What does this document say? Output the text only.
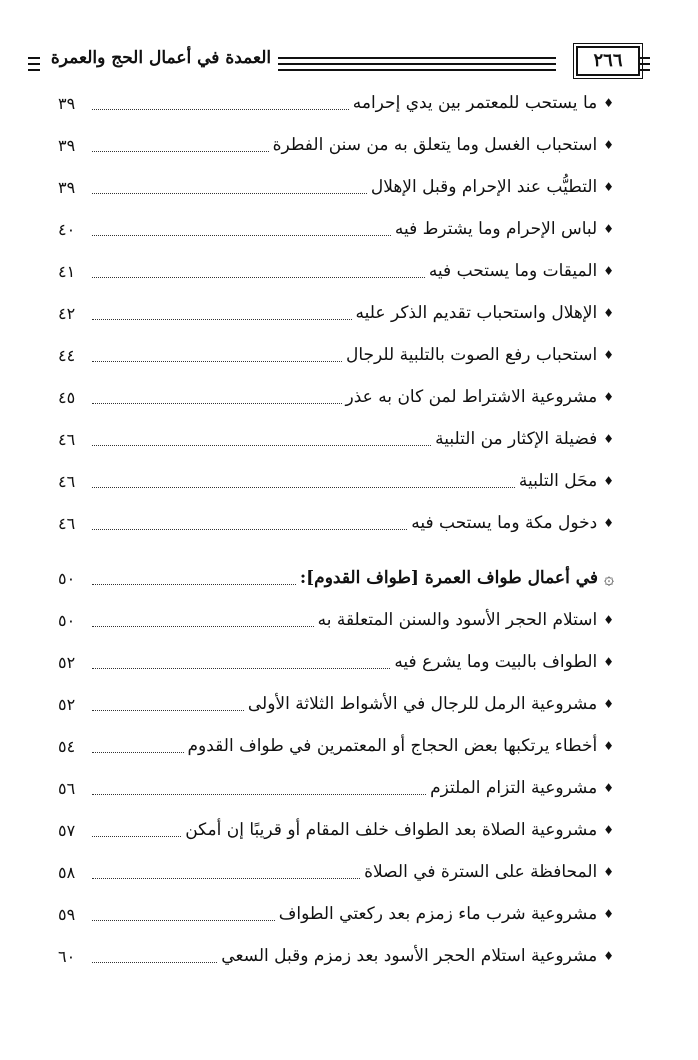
العمدة في أعمال الحج والعمرة	٢٦٦
♦
ما يستحب للمعتمر بين يدي إحرامه
٣٩
♦
استحباب الغسل وما يتعلق به من سنن الفطرة
٣٩
♦
التطيُّب عند الإحرام وقبل الإهلال
٣٩
♦
لباس الإحرام وما يشترط فيه
٤٠
♦
الميقات وما يستحب فيه
٤١
♦
الإهلال واستحباب تقديم الذكر عليه
٤٢
♦
استحباب رفع الصوت بالتلبية للرجال
٤٤
♦
مشروعية الاشتراط لمن كان به عذر
٤٥
♦
فضيلة الإكثار من التلبية
٤٦
♦
محَل التلبية
٤٦
♦
دخول مكة وما يستحب فيه
٤٦
۞
في أعمال طواف العمرة [طواف القدوم]:
٥٠
♦
استلام الحجر الأسود والسنن المتعلقة به
٥٠
♦
الطواف بالبيت وما يشرع فيه
٥٢
♦
مشروعية الرمل للرجال في الأشواط الثلاثة الأولى
٥٢
♦
أخطاء يرتكبها بعض الحجاج أو المعتمرين في طواف القدوم
٥٤
♦
مشروعية التزام الملتزم
٥٦
♦
مشروعية الصلاة بعد الطواف خلف المقام أو قريبًا إن أمكن
٥٧
♦
المحافظة على السترة في الصلاة
٥٨
♦
مشروعية شرب ماء زمزم بعد ركعتي الطواف
٥٩
♦
مشروعية استلام الحجر الأسود بعد زمزم وقبل السعي
٦٠
